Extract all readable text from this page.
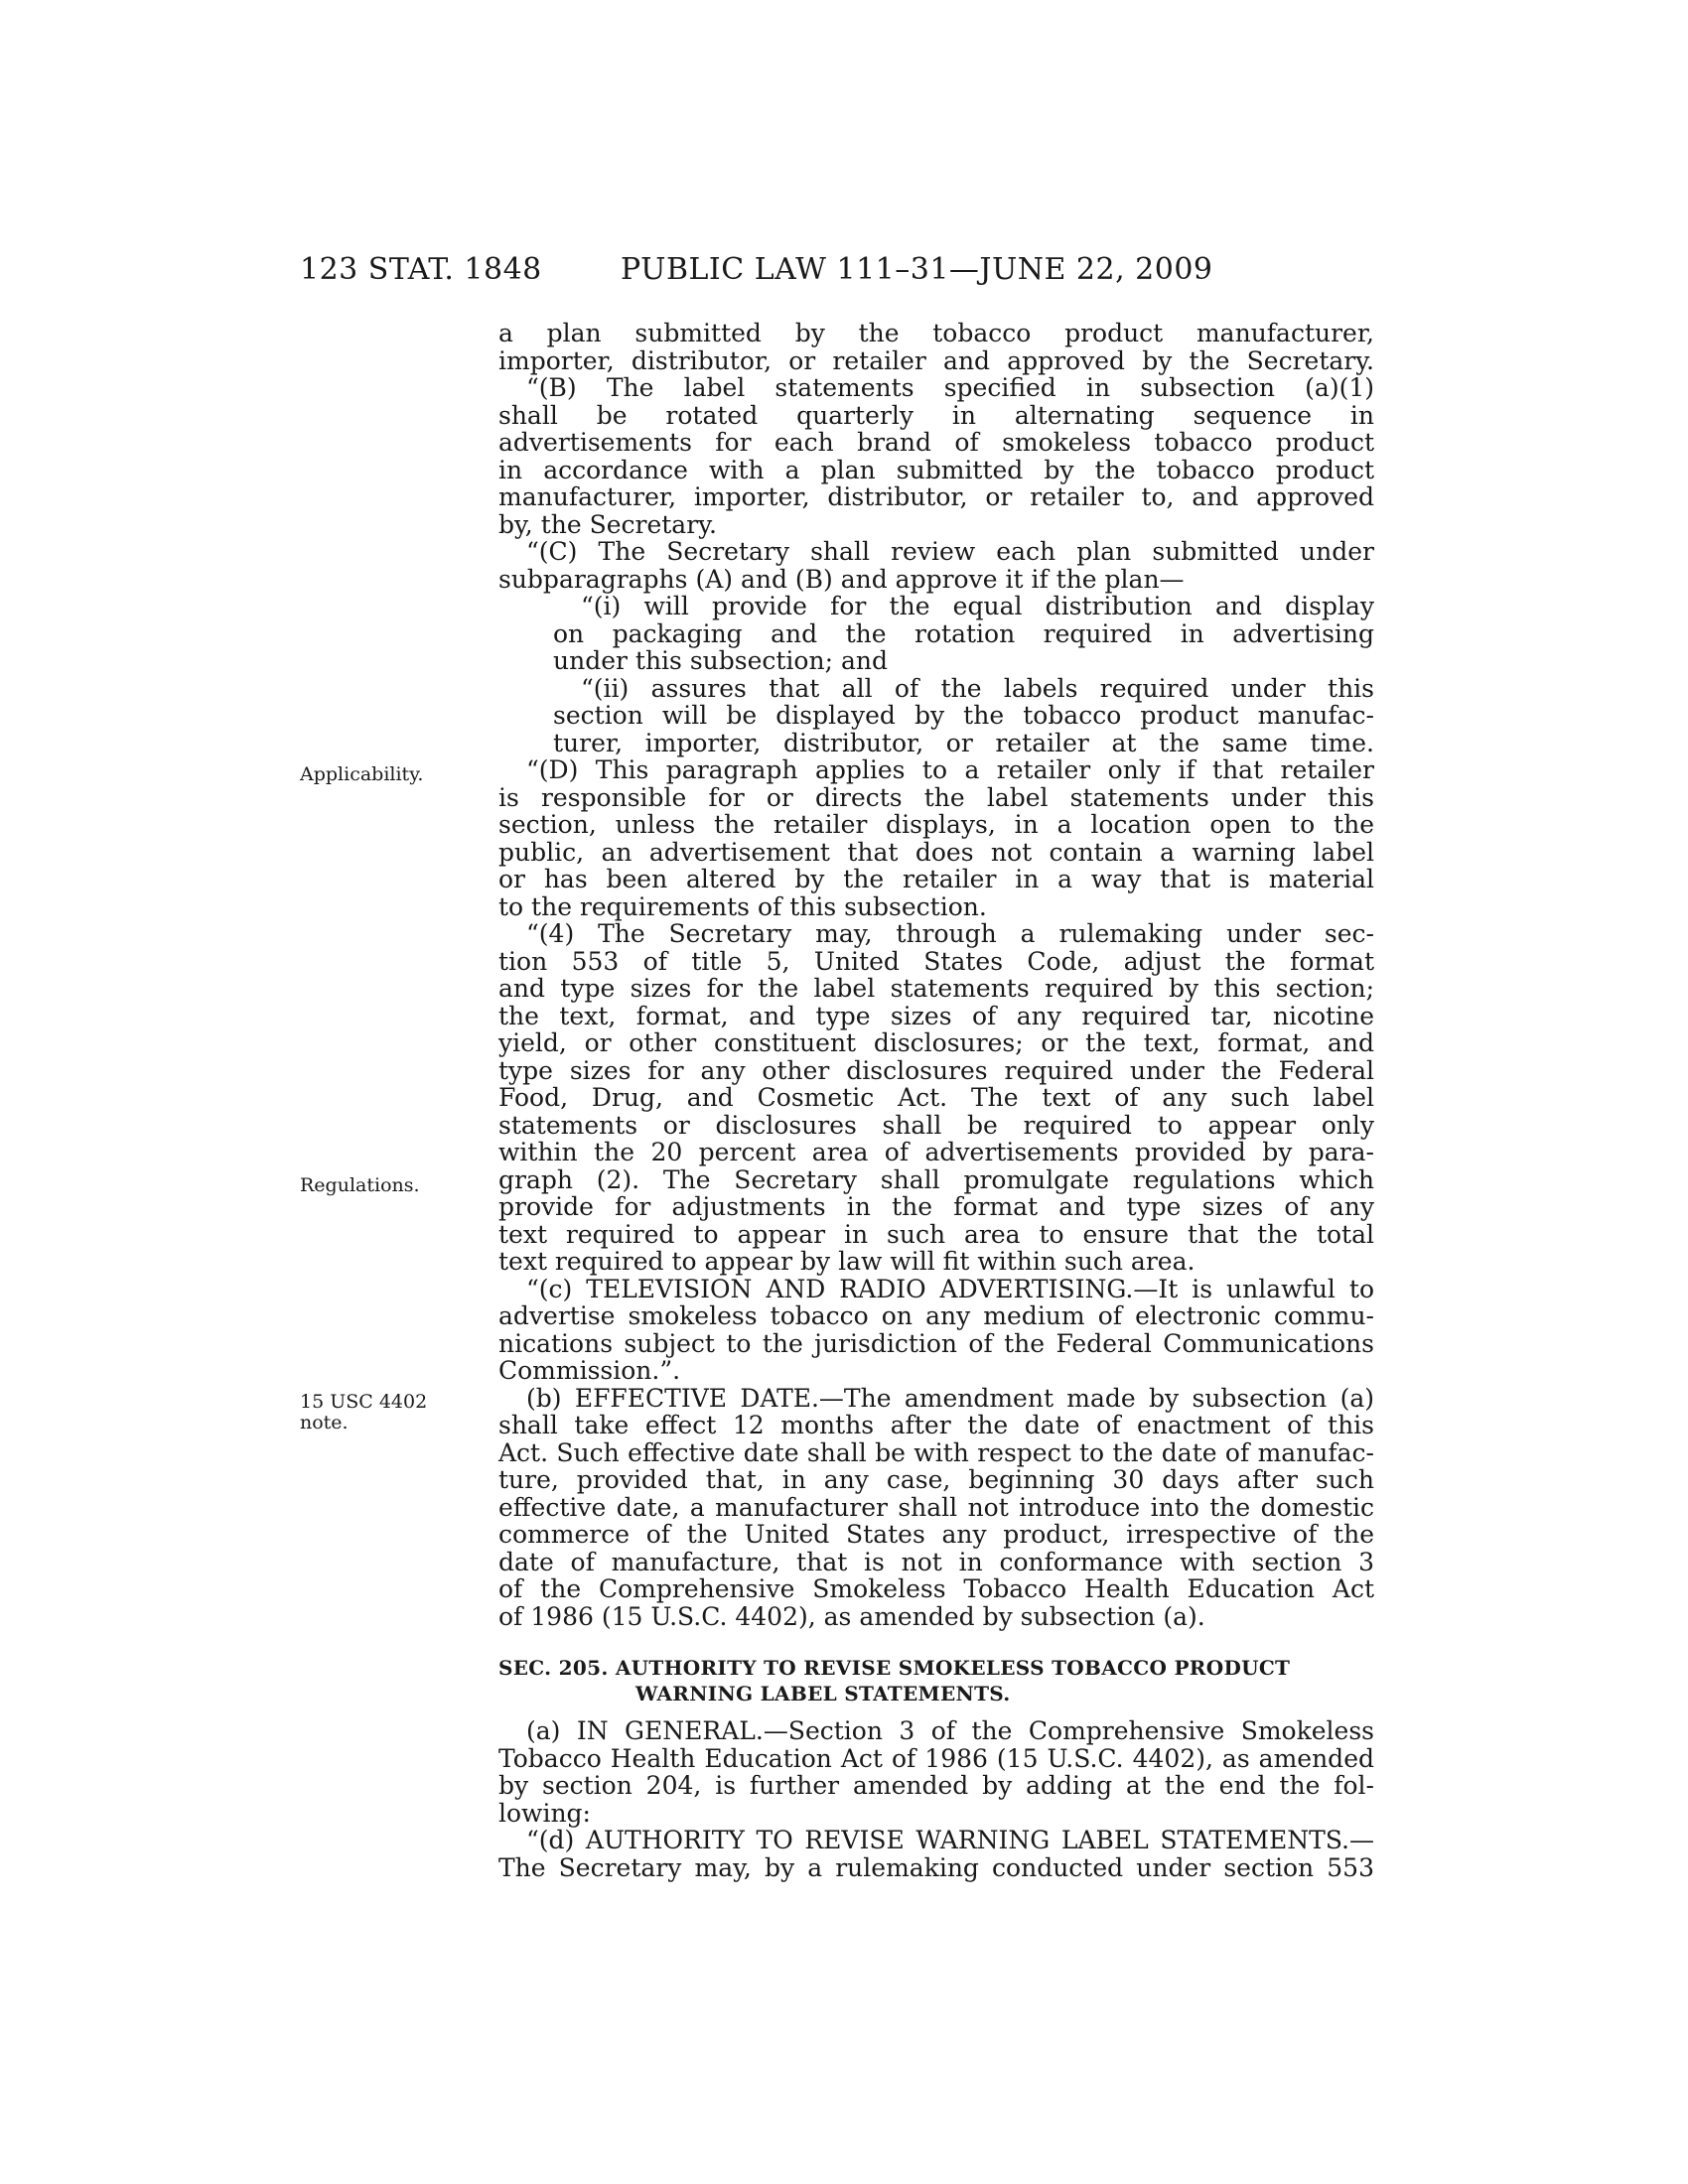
123 STAT. 1848	PUBLIC LAW 111–31—JUNE 22, 2009
Applicability.
Regulations.
15 USC 4402
note.
a plan submitted by the tobacco product manufacturer,
importer, distributor, or retailer and approved by the Secretary.
“(B) The label statements specified in subsection (a)(1)
shall be rotated quarterly in alternating sequence in
advertisements for each brand of smokeless tobacco product
in accordance with a plan submitted by the tobacco product
manufacturer, importer, distributor, or retailer to, and approved
by, the Secretary.
“(C) The Secretary shall review each plan submitted under
subparagraphs (A) and (B) and approve it if the plan—
“(i) will provide for the equal distribution and display
on packaging and the rotation required in advertising
under this subsection; and
“(ii) assures that all of the labels required under this
section will be displayed by the tobacco product manufac-
turer, importer, distributor, or retailer at the same time.
“(D) This paragraph applies to a retailer only if that retailer
is responsible for or directs the label statements under this
section, unless the retailer displays, in a location open to the
public, an advertisement that does not contain a warning label
or has been altered by the retailer in a way that is material
to the requirements of this subsection.
“(4) The Secretary may, through a rulemaking under sec-
tion 553 of title 5, United States Code, adjust the format
and type sizes for the label statements required by this section;
the text, format, and type sizes of any required tar, nicotine
yield, or other constituent disclosures; or the text, format, and
type sizes for any other disclosures required under the Federal
Food, Drug, and Cosmetic Act. The text of any such label
statements or disclosures shall be required to appear only
within the 20 percent area of advertisements provided by para-
graph (2). The Secretary shall promulgate regulations which
provide for adjustments in the format and type sizes of any
text required to appear in such area to ensure that the total
text required to appear by law will fit within such area.
“(c) TELEVISION AND RADIO ADVERTISING.—It is unlawful to
advertise smokeless tobacco on any medium of electronic commu-
nications subject to the jurisdiction of the Federal Communications
Commission.”.
(b) EFFECTIVE DATE.—The amendment made by subsection (a)
shall take effect 12 months after the date of enactment of this
Act. Such effective date shall be with respect to the date of manufac-
ture, provided that, in any case, beginning 30 days after such
effective date, a manufacturer shall not introduce into the domestic
commerce of the United States any product, irrespective of the
date of manufacture, that is not in conformance with section 3
of the Comprehensive Smokeless Tobacco Health Education Act
of 1986 (15 U.S.C. 4402), as amended by subsection (a).
SEC. 205. AUTHORITY TO REVISE SMOKELESS TOBACCO PRODUCT
WARNING LABEL STATEMENTS.
(a) IN GENERAL.—Section 3 of the Comprehensive Smokeless
Tobacco Health Education Act of 1986 (15 U.S.C. 4402), as amended
by section 204, is further amended by adding at the end the fol-
lowing:
“(d) AUTHORITY TO REVISE WARNING LABEL STATEMENTS.—
The Secretary may, by a rulemaking conducted under section 553
